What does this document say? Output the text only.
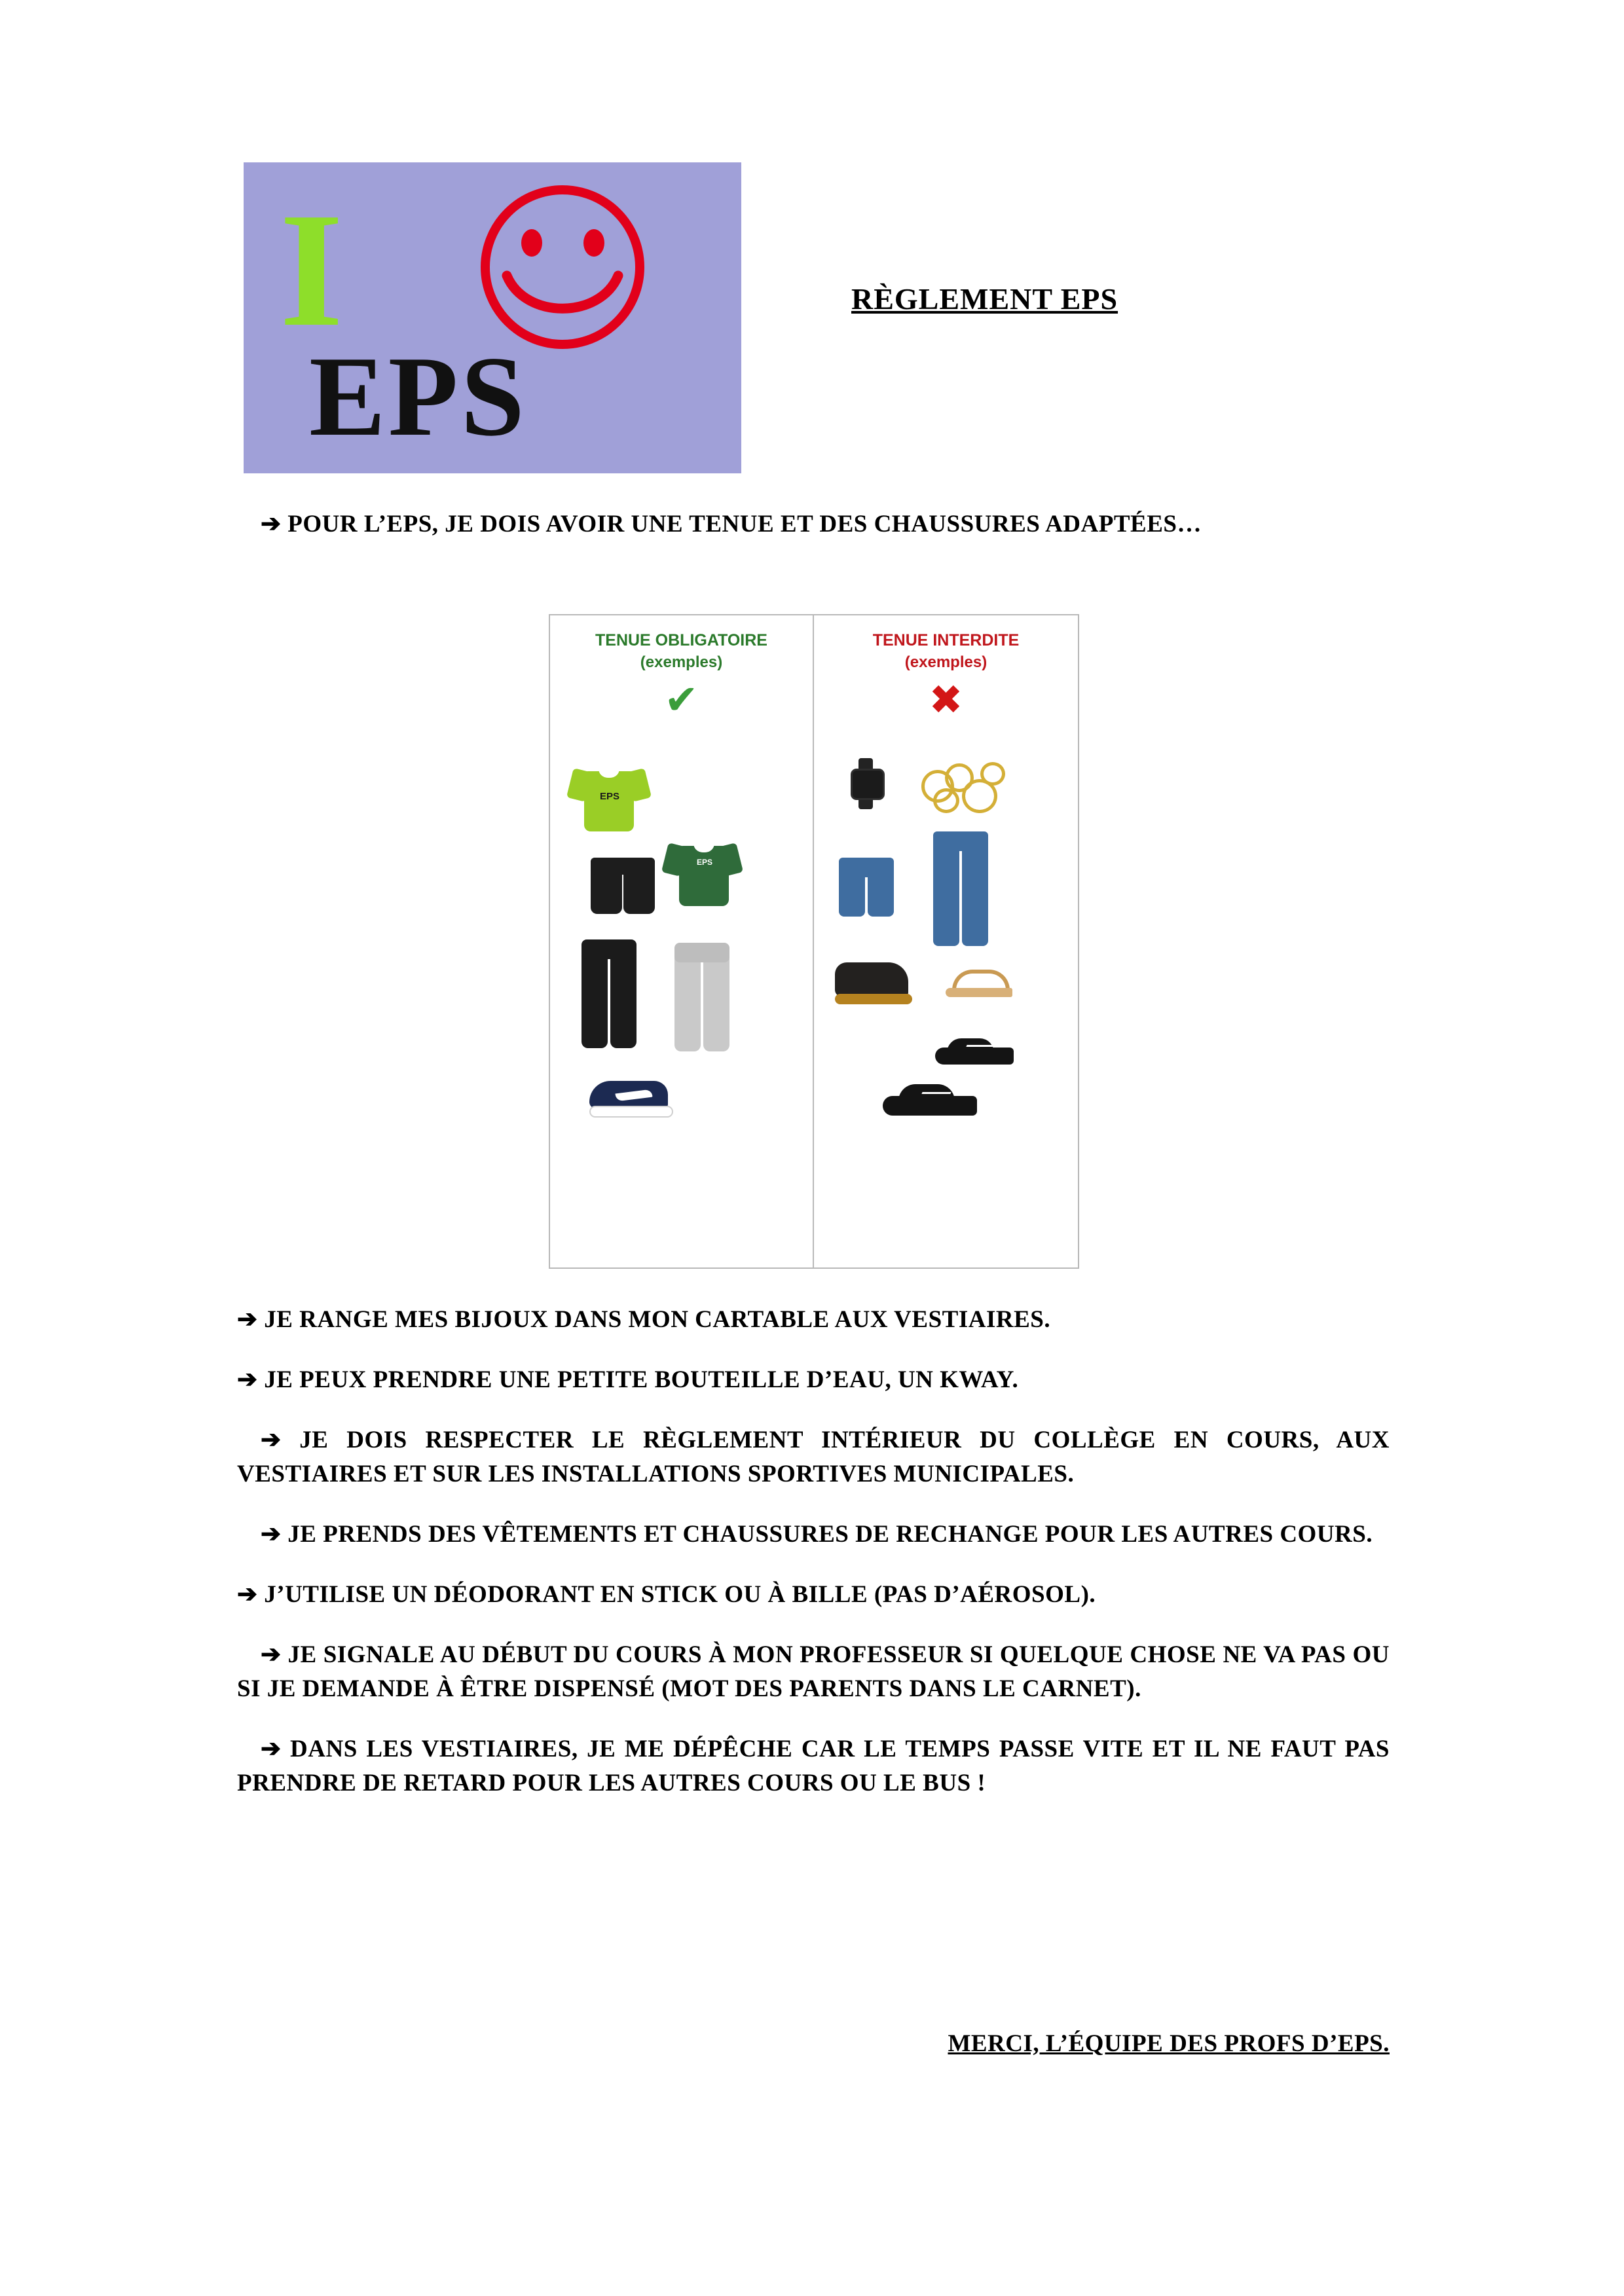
I
EPS
RÈGLEMENT EPS

➔ POUR L’EPS, JE DOIS AVOIR UNE TENUE ET DES CHAUSSURES ADAPTÉES…

TENUE OBLIGATOIRE
(exemples)
✔
EPS
EPS
TENUE INTERDITE
(exemples)
✖

➔ JE RANGE MES BIJOUX DANS MON CARTABLE AUX VESTIAIRES.

➔ JE PEUX PRENDRE UNE PETITE BOUTEILLE D’EAU, UN KWAY.

➔ JE DOIS RESPECTER LE RÈGLEMENT INTÉRIEUR DU COLLÈGE EN COURS, AUX VESTIAIRES ET SUR LES INSTALLATIONS SPORTIVES MUNICIPALES.

➔ JE PRENDS DES VÊTEMENTS ET CHAUSSURES DE RECHANGE POUR LES AUTRES COURS.

➔ J’UTILISE UN DÉODORANT EN STICK OU À BILLE (PAS D’AÉROSOL).

➔ JE SIGNALE AU DÉBUT DU COURS À MON PROFESSEUR SI QUELQUE CHOSE NE VA PAS OU SI JE DEMANDE À ÊTRE DISPENSÉ (MOT DES PARENTS DANS LE CARNET).

➔ DANS LES VESTIAIRES, JE ME DÉPÊCHE CAR LE TEMPS PASSE VITE ET IL NE FAUT PAS PRENDRE DE RETARD POUR LES AUTRES COURS OU LE BUS !

MERCI, L’ÉQUIPE DES PROFS D’EPS.
